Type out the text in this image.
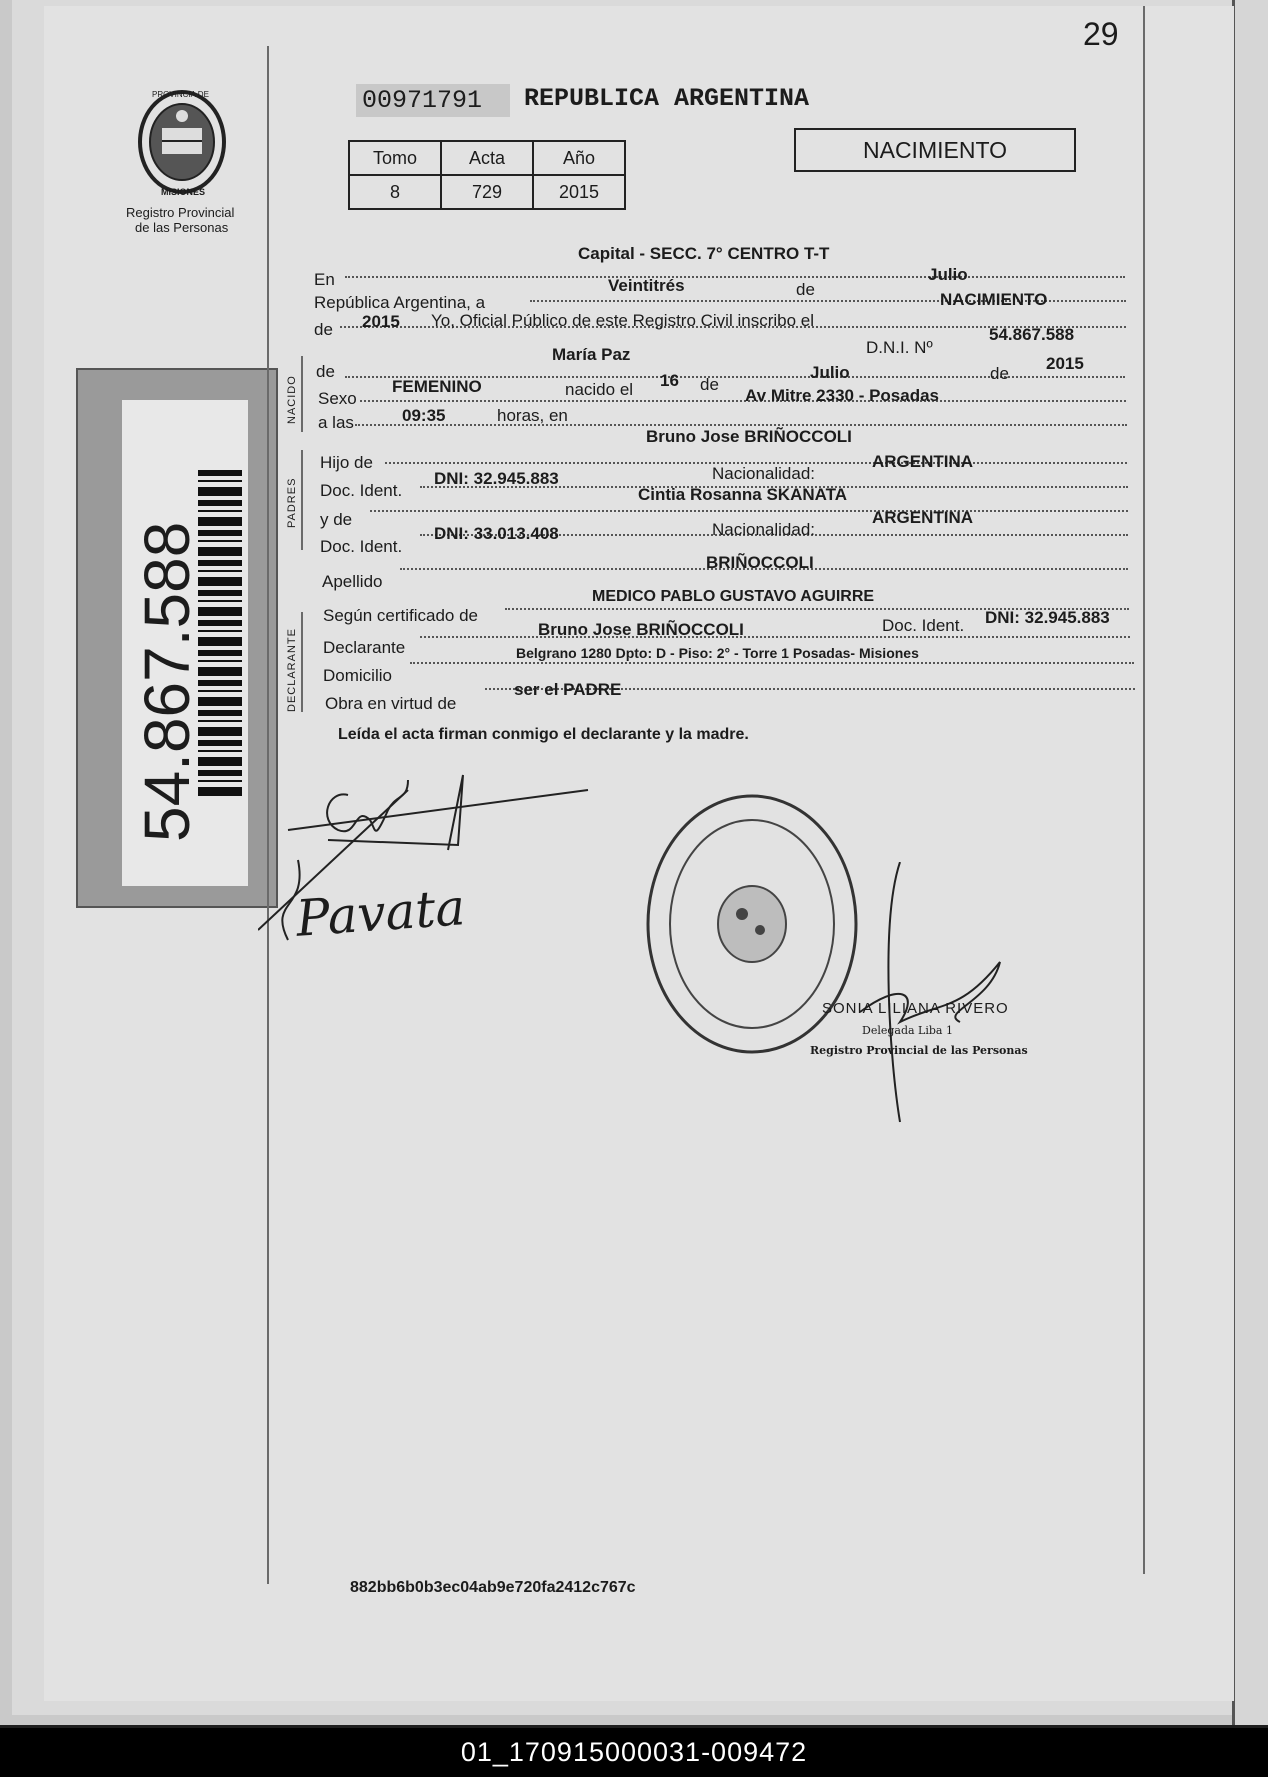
29
PROVINCIA DE
MISIONES
Registro Provincial
de las Personas
00971791	REPUBLICA ARGENTINA
Tomo	Acta	Año
8	729	2015
NACIMIENTO
54.867.588
NACIDO
PADRES
DECLARANTE
En
Capital - SECC. 7° CENTRO T-T
República Argentina, a
Veintitrés	de
Julio
de 2015 Yo, Oficial Público de este Registro Civil inscribo el
NACIMIENTO
de
María Paz	D.N.I. Nº
54.867.588
Sexo
FEMENINO	nacido el 16 de
Julio	de
2015
a las	09:35	horas, en
Av Mitre 2330 - Posadas
Hijo de
Bruno Jose BRIÑOCCOLI
Doc. Ident.
DNI: 32.945.883	Nacionalidad:
ARGENTINA
y de
Cintia Rosanna SKANATA
Doc. Ident.
DNI: 33.013.408	Nacionalidad:
ARGENTINA
Apellido
BRIÑOCCOLI
Según certificado de
MEDICO PABLO GUSTAVO AGUIRRE
Declarante
Bruno Jose BRIÑOCCOLI	Doc. Ident. DNI: 32.945.883
Domicilio
Belgrano 1280 Dpto: D - Piso: 2° - Torre 1 Posadas- Misiones
Obra en virtud de
ser el PADRE
Leída el acta firman conmigo el declarante y la madre.
Pavata
SONIA LILIANA RIVERO
Delegada Liba 1
Registro Provincial de las Personas
882bb6b0b3ec04ab9e720fa2412c767c
01_170915000031-009472
